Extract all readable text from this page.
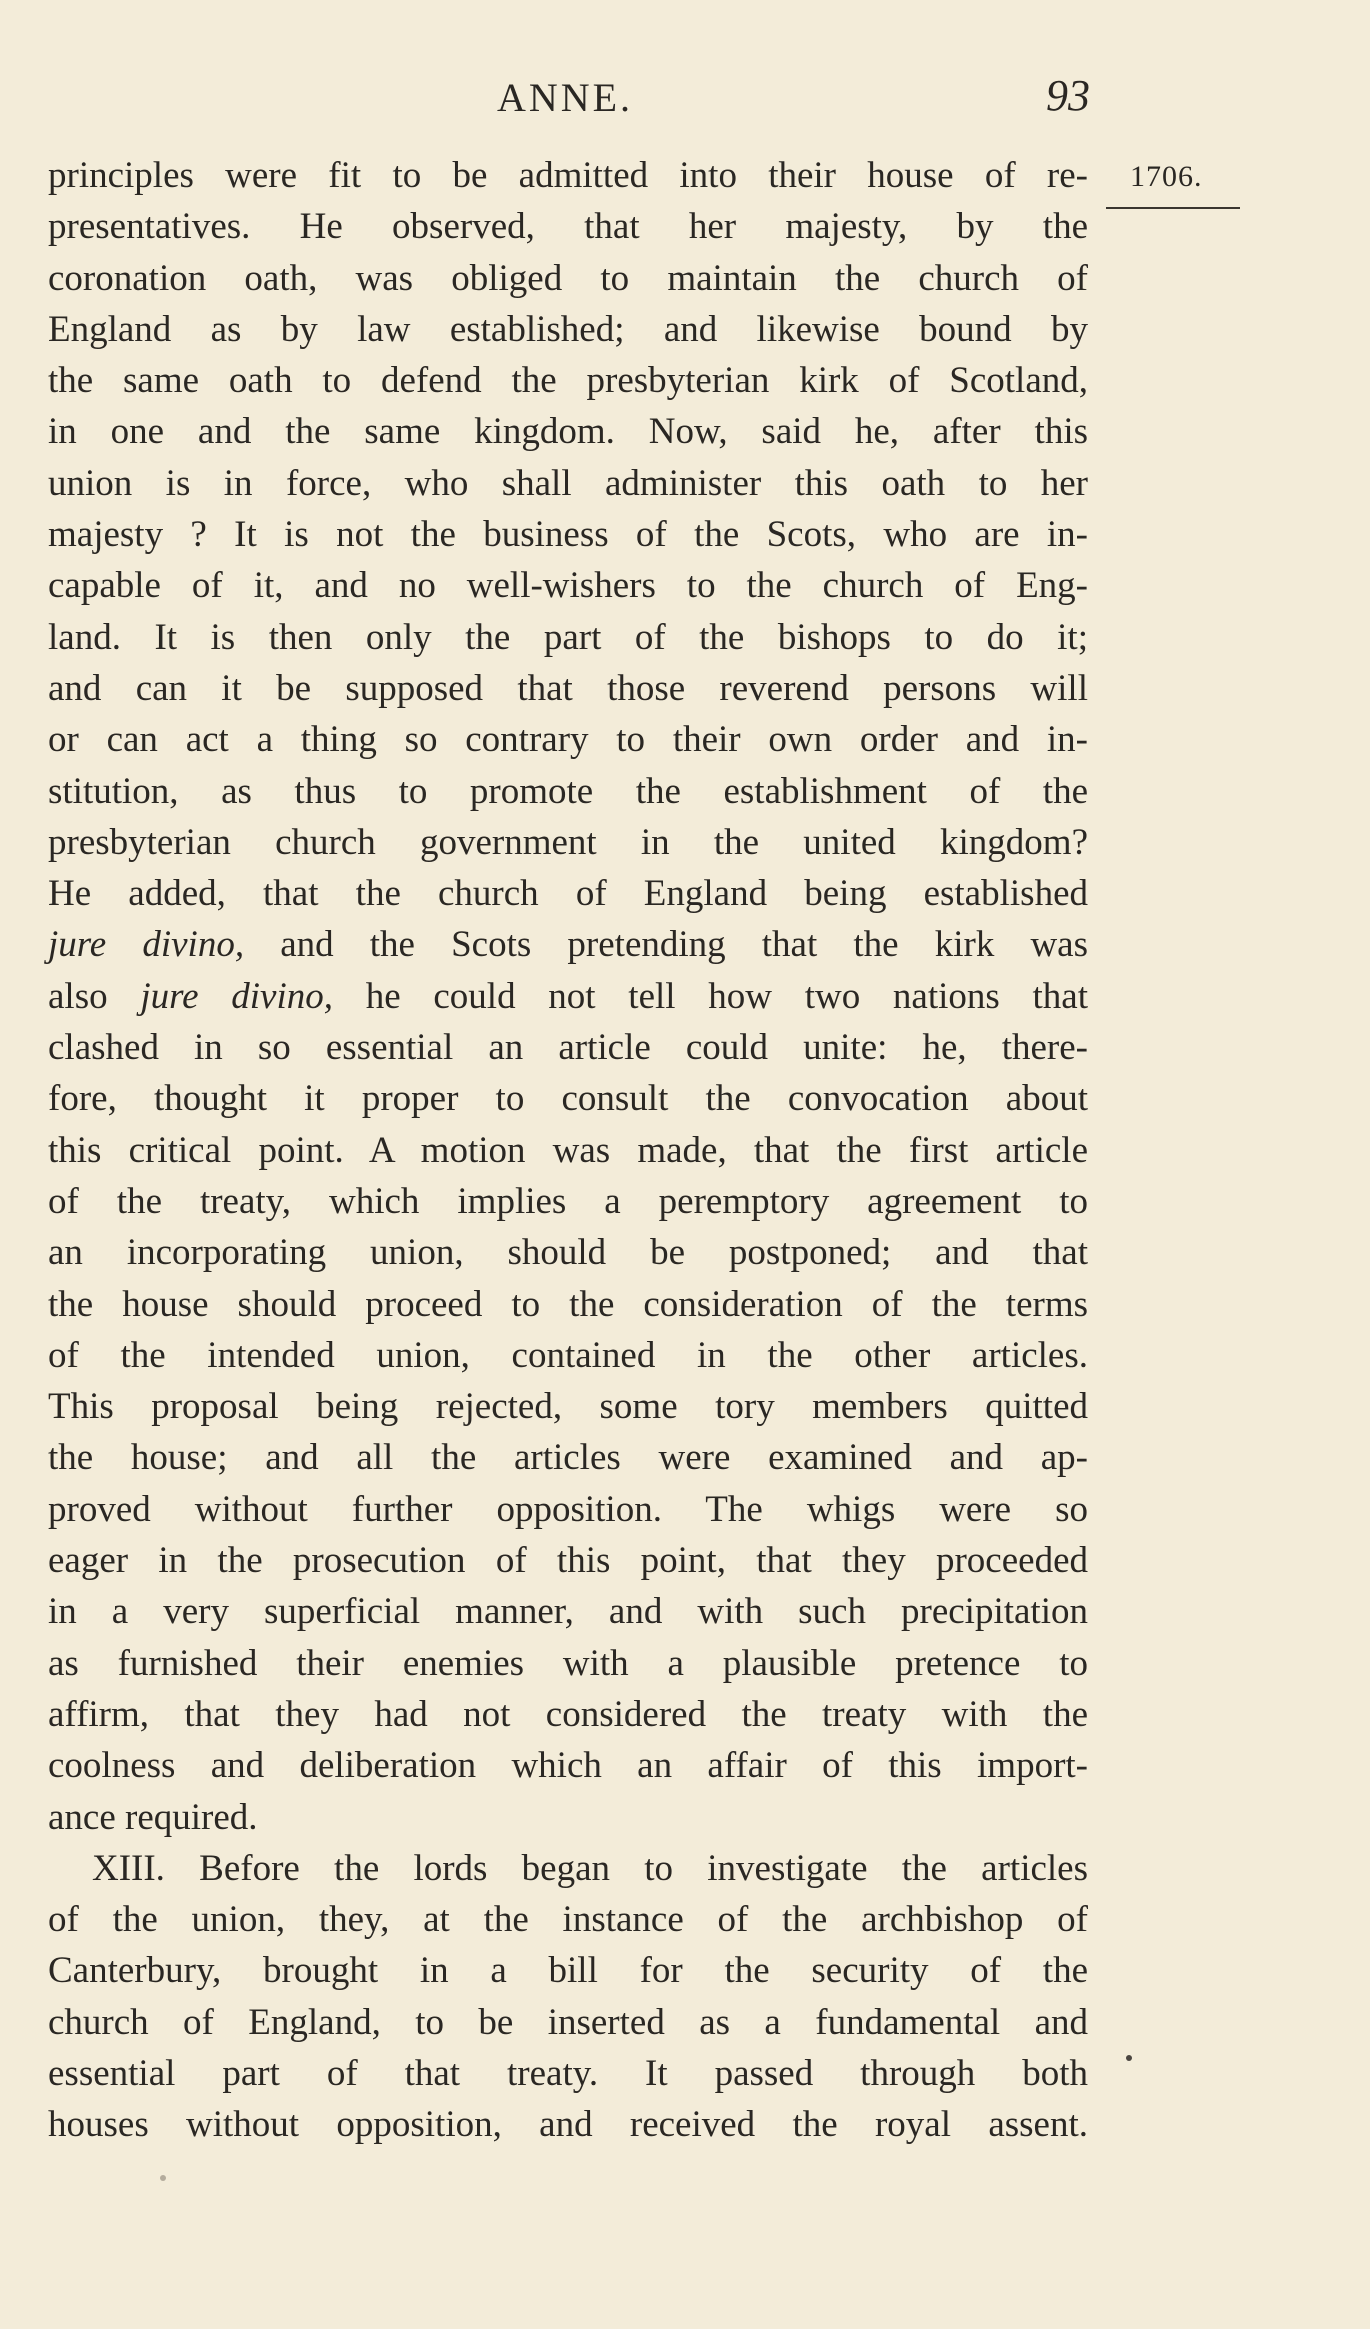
ANNE.	93
1706.
principles were fit to be admitted into their house of re-
presentatives. He observed, that her majesty, by the
coronation oath, was obliged to maintain the church of
England as by law established; and likewise bound by
the same oath to defend the presbyterian kirk of Scotland,
in one and the same kingdom. Now, said he, after this
union is in force, who shall administer this oath to her
majesty ? It is not the business of the Scots, who are in-
capable of it, and no well-wishers to the church of Eng-
land. It is then only the part of the bishops to do it;
and can it be supposed that those reverend persons will
or can act a thing so contrary to their own order and in-
stitution, as thus to promote the establishment of the
presbyterian church government in the united kingdom?
He added, that the church of England being established
jure divino, and the Scots pretending that the kirk was
also jure divino, he could not tell how two nations that
clashed in so essential an article could unite: he, there-
fore, thought it proper to consult the convocation about
this critical point. A motion was made, that the first article
of the treaty, which implies a peremptory agreement to
an incorporating union, should be postponed; and that
the house should proceed to the consideration of the terms
of the intended union, contained in the other articles.
This proposal being rejected, some tory members quitted
the house; and all the articles were examined and ap-
proved without further opposition. The whigs were so
eager in the prosecution of this point, that they proceeded
in a very superficial manner, and with such precipitation
as furnished their enemies with a plausible pretence to
affirm, that they had not considered the treaty with the
coolness and deliberation which an affair of this import-
ance required.
XIII. Before the lords began to investigate the articles
of the union, they, at the instance of the archbishop of
Canterbury, brought in a bill for the security of the
church of England, to be inserted as a fundamental and
essential part of that treaty. It passed through both
houses without opposition, and received the royal assent.
